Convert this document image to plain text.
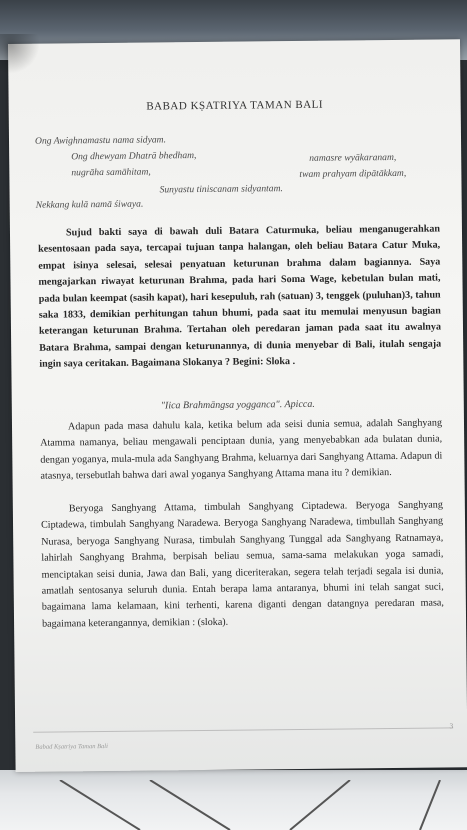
BABAD KṢATRIYA TAMAN BALI
Ong Awighnamastu nama sidyam.
Ong dhewyam Dhatrā bhedham,	namasre wyākaranam,
nugrāha samāhitam,	twam prahyam dipātākkam,
Sunyastu tiniscanam sidyantam.
Nekkang kulā namā śiwaya.

Sujud bakti saya di bawah duli Batara Caturmuka, beliau menganugerahkan kesentosaan pada saya, tercapai tujuan tanpa halangan, oleh beliau Batara Catur Muka, empat isinya selesai, selesai penyatuan keturunan brahma dalam bagiannya. Saya mengajarkan riwayat keturunan Brahma, pada hari Soma Wage, kebetulan bulan mati, pada bulan keempat (sasih kapat), hari kesepuluh, rah (satuan) 3, tenggek (puluhan)3, tahun saka 1833, demikian perhitungan tahun bhumi, pada saat itu memulai menyusun bagian keterangan keturunan Brahma. Tertahan oleh peredaran jaman pada saat itu awalnya Batara Brahma, sampai dengan keturunannya, di dunia menyebar di Bali, itulah sengaja ingin saya ceritakan. Bagaimana Slokanya ? Begini: Sloka .

"Iica Brahmāngsa yogganca". Apicca.

Adapun pada masa dahulu kala, ketika belum ada seisi dunia semua, adalah Sanghyang Atamma namanya, beliau mengawali penciptaan dunia, yang menyebabkan ada bulatan dunia, dengan yoganya, mula-mula ada Sanghyang Brahma, keluarnya dari Sanghyang Attama. Adapun di atasnya, tersebutlah bahwa dari awal yoganya Sanghyang Attama mana itu ? demikian.

Beryoga Sanghyang Attama, timbulah Sanghyang Ciptadewa. Beryoga Sanghyang Ciptadewa, timbulah Sanghyang Naradewa. Beryoga Sanghyang Naradewa, timbullah Sanghyang Nurasa, beryoga Sanghyang Nurasa, timbulah Sanghyang Tunggal ada Sanghyang Ratnamaya, lahirlah Sanghyang Brahma, berpisah beliau semua, sama-sama melakukan yoga samadi, menciptakan seisi dunia, Jawa dan Bali, yang diceriterakan, segera telah terjadi segala isi dunia, amatlah sentosanya seluruh dunia. Entah berapa lama antaranya, bhumi ini telah sangat suci, bagaimana lama kelamaan, kini terhenti, karena diganti dengan datangnya peredaran masa, bagaimana keterangannya, demikian : (sloka).

3
Babad Kṣatriya Taman Bali
